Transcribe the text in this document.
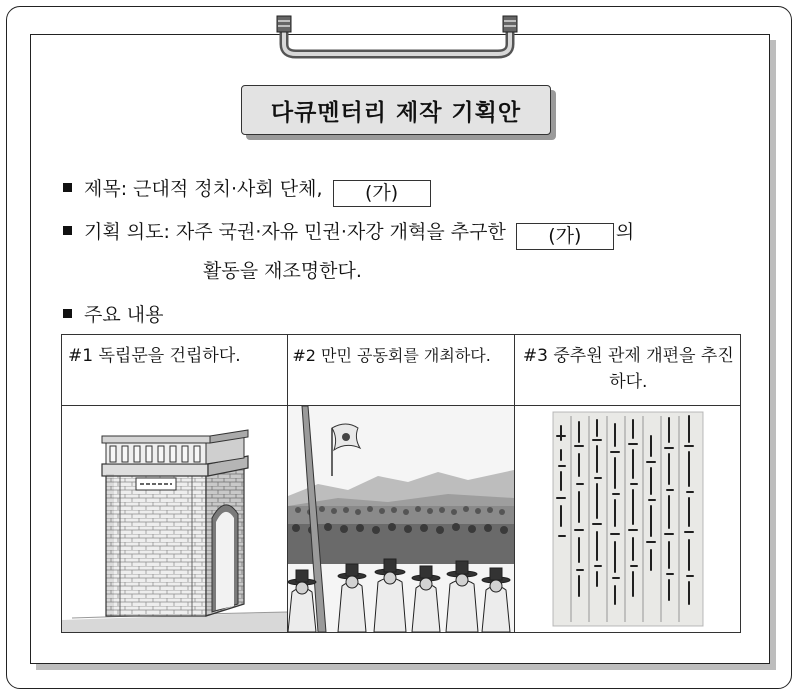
다큐멘터리 제작 기획안
제목: 근대적 정치·사회 단체, (가)
기획 의도: 자주 국권·자유 민권·자강 개혁을 추구한 (가) 의
활동을 재조명한다.
주요 내용
#1 독립문을 건립하다.	#2 만민 공동회를 개최하다.	#3 중추원 관제 개편을 추진하다.
